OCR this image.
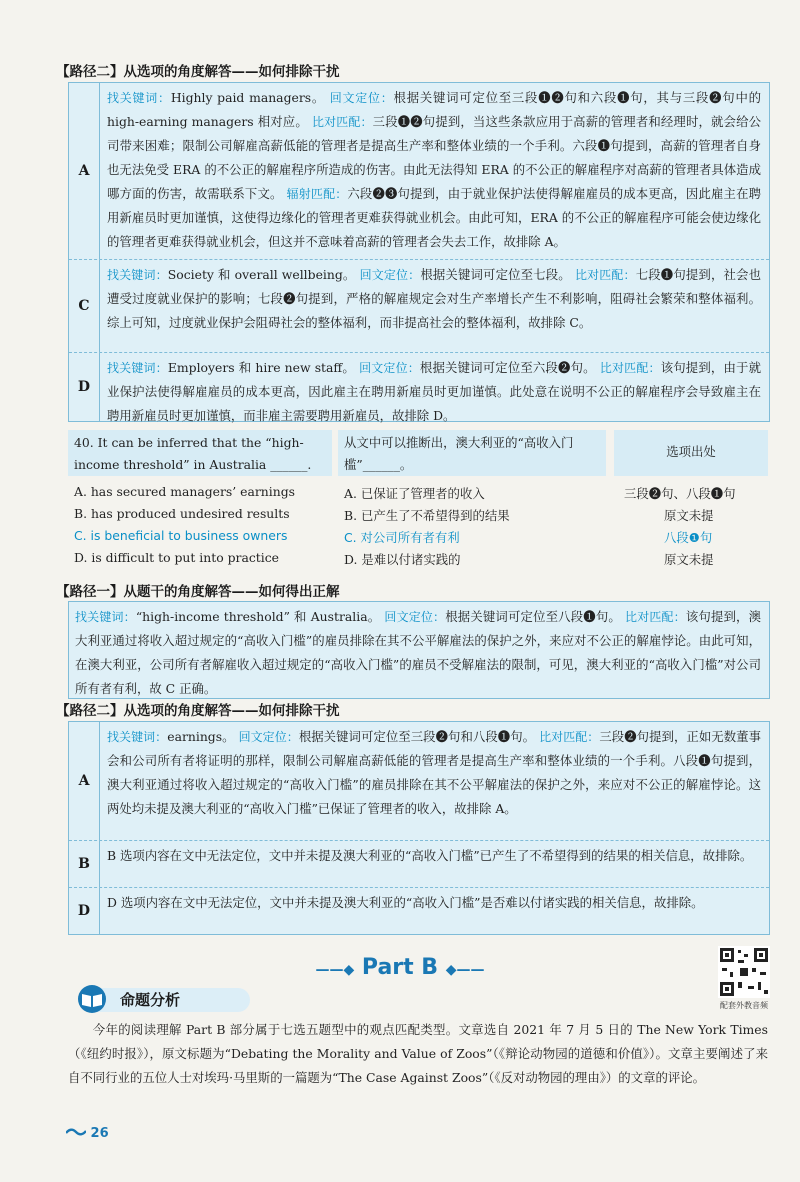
【路径二】从选项的角度解答——如何排除干扰
A
找关键词：Highly paid managers。 回文定位：根据关键词可定位至三段❶❷句和六段❶句，其与三段❷句中的 high-earning managers 相对应。 比对匹配：三段❶❷句提到，当这些条款应用于高薪的管理者和经理时，就会给公司带来困难；限制公司解雇高薪低能的管理者是提高生产率和整体业绩的一个手利。六段❶句提到，高薪的管理者自身也无法免受 ERA 的不公正的解雇程序所造成的伤害。由此无法得知 ERA 的不公正的解雇程序对高薪的管理者具体造成哪方面的伤害，故需联系下文。 辐射匹配：六段❷❸句提到，由于就业保护法使得解雇雇员的成本更高，因此雇主在聘用新雇员时更加谨慎，这使得边缘化的管理者更难获得就业机会。由此可知，ERA 的不公正的解雇程序可能会使边缘化的管理者更难获得就业机会，但这并不意味着高薪的管理者会失去工作，故排除 A。
C
找关键词：Society 和 overall wellbeing。 回文定位：根据关键词可定位至七段。 比对匹配：七段❶句提到，社会也遭受过度就业保护的影响；七段❷句提到，严格的解雇规定会对生产率增长产生不利影响，阻碍社会繁荣和整体福利。综上可知，过度就业保护会阻碍社会的整体福利，而非提高社会的整体福利，故排除 C。
D
找关键词：Employers 和 hire new staff。 回文定位：根据关键词可定位至六段❷句。 比对匹配：该句提到，由于就业保护法使得解雇雇员的成本更高，因此雇主在聘用新雇员时更加谨慎。此处意在说明不公正的解雇程序会导致雇主在聘用新雇员时更加谨慎，而非雇主需要聘用新雇员，故排除 D。
40. It can be inferred that the “high-income threshold” in Australia ______.
从文中可以推断出，澳大利亚的“高收入门槛”______。
选项出处
A. has secured managers’ earnings	A. 已保证了管理者的收入	三段❷句、八段❶句
B. has produced undesired results	B. 已产生了不希望得到的结果	原文未提
C. is beneficial to business owners	C. 对公司所有者有利	八段❶句
D. is difficult to put into practice	D. 是难以付诸实践的	原文未提
【路径一】从题干的角度解答——如何得出正解
找关键词：“high-income threshold” 和 Australia。 回文定位：根据关键词可定位至八段❶句。 比对匹配：该句提到，澳大利亚通过将收入超过规定的“高收入门槛”的雇员排除在其不公平解雇法的保护之外，来应对不公正的解雇悖论。由此可知，在澳大利亚，公司所有者解雇收入超过规定的“高收入门槛”的雇员不受解雇法的限制，可见，澳大利亚的“高收入门槛”对公司所有者有利，故 C 正确。
【路径二】从选项的角度解答——如何排除干扰
A
找关键词：earnings。 回文定位：根据关键词可定位至三段❷句和八段❶句。 比对匹配：三段❷句提到，正如无数董事会和公司所有者将证明的那样，限制公司解雇高薪低能的管理者是提高生产率和整体业绩的一个手利。八段❶句提到，澳大利亚通过将收入超过规定的“高收入门槛”的雇员排除在其不公平解雇法的保护之外，来应对不公正的解雇悖论。这两处均未提及澳大利亚的“高收入门槛”已保证了管理者的收入，故排除 A。
B
B 选项内容在文中无法定位，文中并未提及澳大利亚的“高收入门槛”已产生了不希望得到的结果的相关信息，故排除。
D
D 选项内容在文中无法定位，文中并未提及澳大利亚的“高收入门槛”是否难以付诸实践的相关信息，故排除。
——◆ Part B ◆——
配套外教音频
命题分析
今年的阅读理解 Part B 部分属于七选五题型中的观点匹配类型。文章选自 2021 年 7 月 5 日的 The New York Times（《纽约时报》），原文标题为“Debating the Morality and Value of Zoos”（《辩论动物园的道德和价值》）。文章主要阐述了来自不同行业的五位人士对埃玛·马里斯的一篇题为“The Case Against Zoos”（《反对动物园的理由》）的文章的评论。
26
